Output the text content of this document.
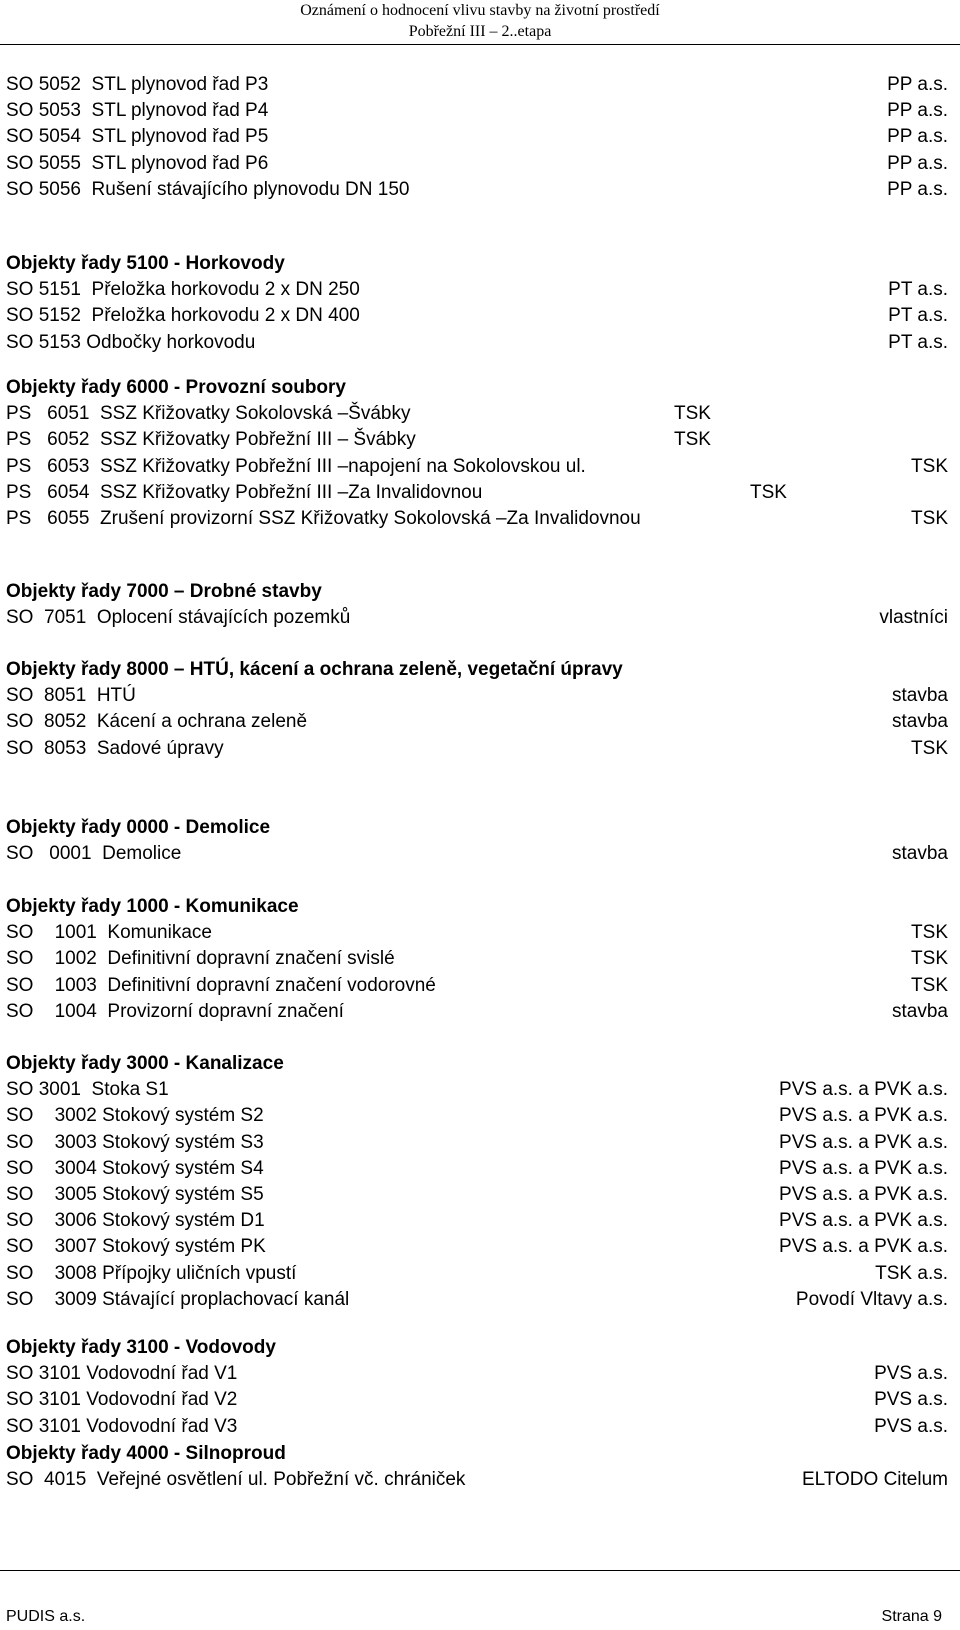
Oznámení o hodnocení vlivu stavby na životní prostředí
Pobřežní III – 2..etapa
SO 5052  STL plynovod řad P3	PP a.s.
SO 5053  STL plynovod řad P4	PP a.s.
SO 5054  STL plynovod řad P5	PP a.s.
SO 5055  STL plynovod řad P6	PP a.s.
SO 5056  Rušení stávajícího plynovodu DN 150	PP a.s.
Objekty řady 5100 - Horkovody
SO 5151  Přeložka horkovodu 2 x DN 250	PT a.s.
SO 5152  Přeložka horkovodu 2 x DN 400	PT a.s.
SO 5153 Odbočky horkovodu	PT a.s.
Objekty řady 6000 - Provozní soubory
PS   6051  SSZ Křižovatky Sokolovská –Švábky	TSK
PS   6052  SSZ Křižovatky Pobřežní III – Švábky	TSK
PS   6053  SSZ Křižovatky Pobřežní III –napojení na Sokolovskou ul.	TSK
PS   6054  SSZ Křižovatky Pobřežní III –Za Invalidovnou	TSK
PS   6055  Zrušení provizorní SSZ Křižovatky Sokolovská –Za Invalidovnou	TSK
Objekty řady 7000 – Drobné stavby
SO  7051  Oplocení stávajících pozemků	vlastníci
Objekty řady 8000 – HTÚ, kácení a ochrana zeleně, vegetační úpravy
SO  8051  HTÚ	stavba
SO  8052  Kácení a ochrana zeleně	stavba
SO  8053  Sadové úpravy	TSK
Objekty řady 0000 - Demolice
SO   0001  Demolice	stavba
Objekty řady 1000 - Komunikace
SO    1001  Komunikace	TSK
SO    1002  Definitivní dopravní značení svislé	TSK
SO    1003  Definitivní dopravní značení vodorovné	TSK
SO    1004  Provizorní dopravní značení	stavba
Objekty řady 3000 - Kanalizace
SO 3001  Stoka S1	PVS a.s. a PVK a.s.
SO    3002 Stokový systém S2	PVS a.s. a PVK a.s.
SO    3003 Stokový systém S3	PVS a.s. a PVK a.s.
SO    3004 Stokový systém S4	PVS a.s. a PVK a.s.
SO    3005 Stokový systém S5	PVS a.s. a PVK a.s.
SO    3006 Stokový systém D1	PVS a.s. a PVK a.s.
SO    3007 Stokový systém PK	PVS a.s. a PVK a.s.
SO    3008 Přípojky uličních vpustí	TSK a.s.
SO    3009 Stávající proplachovací kanál	Povodí Vltavy a.s.
Objekty řady 3100 - Vodovody
SO 3101 Vodovodní řad V1	PVS a.s.
SO 3101 Vodovodní řad V2	PVS a.s.
SO 3101 Vodovodní řad V3	PVS a.s.
Objekty řady 4000 - Silnoproud
SO  4015  Veřejné osvětlení ul. Pobřežní vč. chrániček	ELTODO Citelum
PUDIS a.s.	Strana 9
